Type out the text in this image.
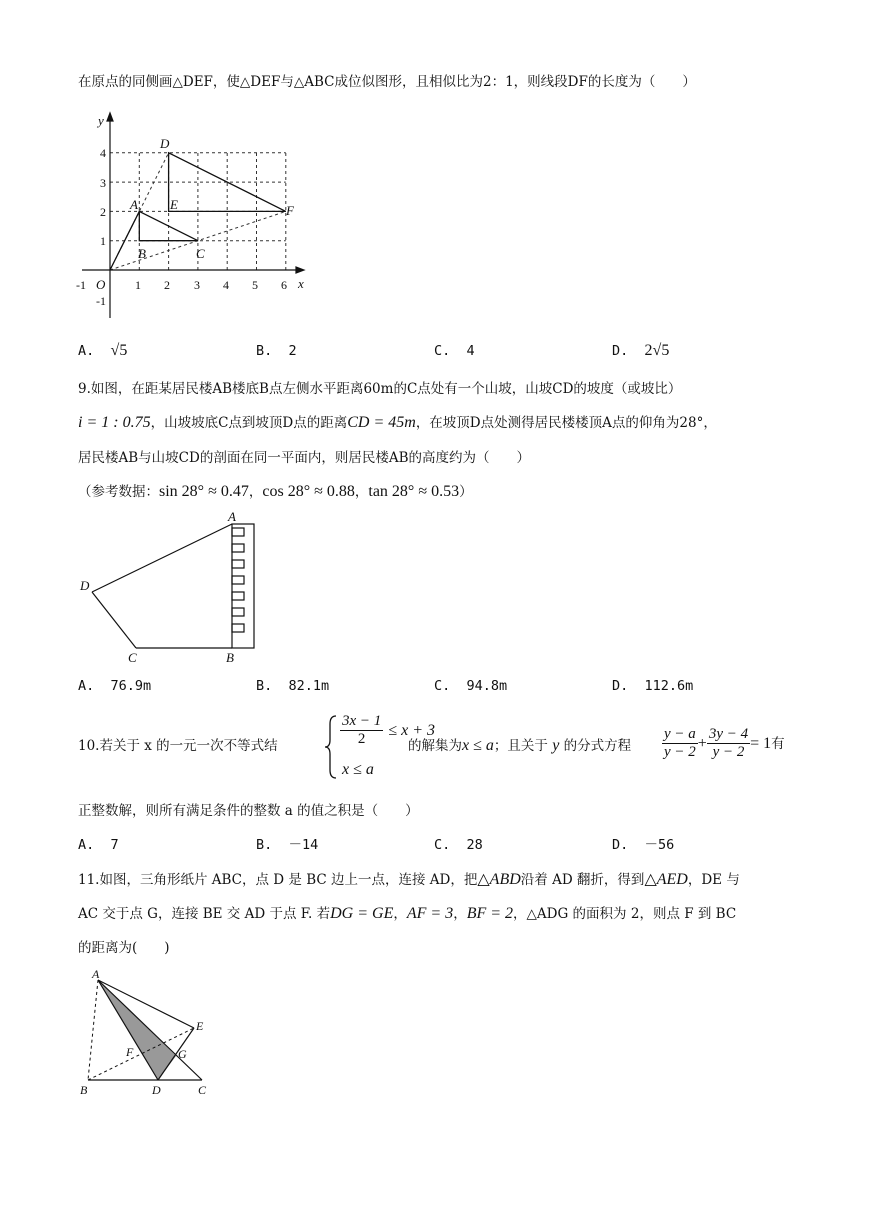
在原点的同侧画△DEF，使△DEF与△ABC成位似图形，且相似比为2：1，则线段DF的长度为（　　）
y
x
O
A
B	C
D
E	F
-1	1 2 3 4 5 6
-1
1
2
3
4
A. √5	B. 2	C. 4	D. 2√5
9.如图，在距某居民楼AB楼底B点左侧水平距离60m的C点处有一个山坡，山坡CD的坡度（或坡比）
i = 1 : 0.75，山坡坡底C点到坡顶D点的距离CD = 45m，在坡顶D点处测得居民楼楼顶A点的仰角为28°，
居民楼AB与山坡CD的剖面在同一平面内，则居民楼AB的高度约为（　　）
（参考数据：sin 28° ≈ 0.47，cos 28° ≈ 0.88，tan 28° ≈ 0.53）
A
D
C	B
A. 76.9m	B. 82.1m	C. 94.8m	D. 112.6m
10.若关于 x 的一元一次不等式结	$\frac{3x - 1}{2} \le x + 3$
x ≤ a
的解集为x ≤ a；且关于 y 的分式方程 $\frac{y - a}{y - 2} + \frac{3y - 4}{y - 2} = 1$有
正整数解，则所有满足条件的整数 a 的值之积是（　　）
A. 7	B. －14	C. 28	D. －56
11.如图，三角形纸片 ABC，点 D 是 BC 边上一点，连接 AD，把△ABD沿着 AD 翻折，得到△AED，DE 与
AC 交于点 G，连接 BE 交 AD 于点 F. 若DG = GE，AF = 3，BF = 2，△ADG 的面积为 2，则点 F 到 BC
的距离为(　　)
A
E
F	G
B	D	C
